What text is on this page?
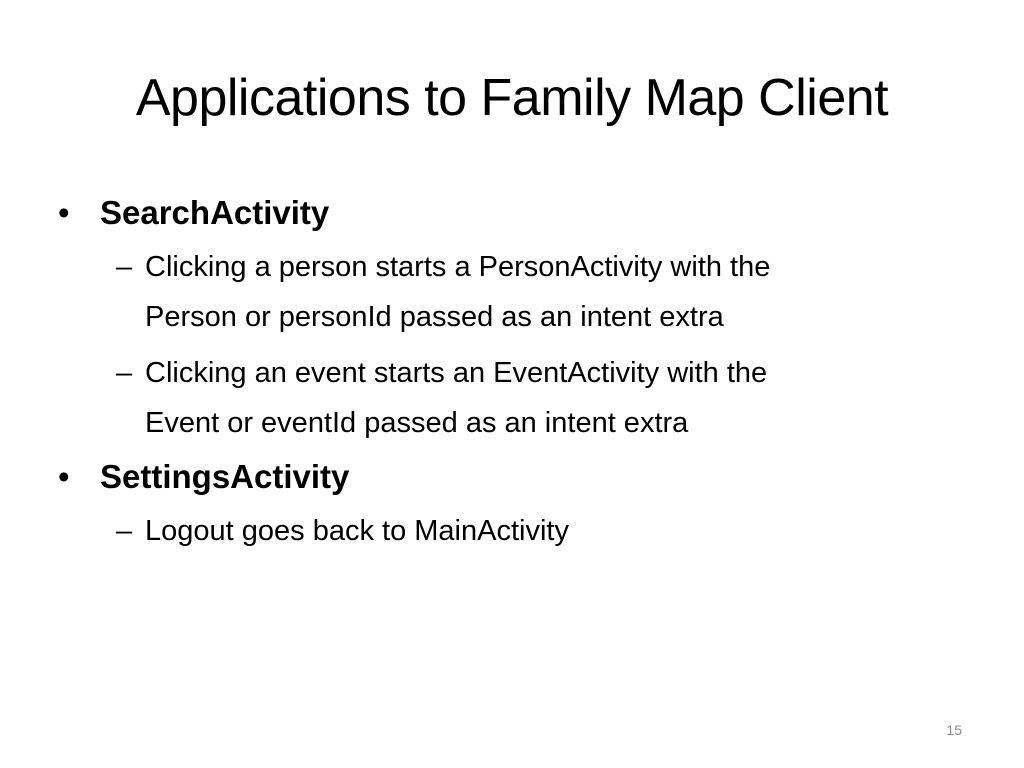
Applications to Family Map Client
• SearchActivity
– Clicking a person starts a PersonActivity with the
Person or personId passed as an intent extra
– Clicking an event starts an EventActivity with the
Event or eventId passed as an intent extra
• SettingsActivity
– Logout goes back to MainActivity
15
